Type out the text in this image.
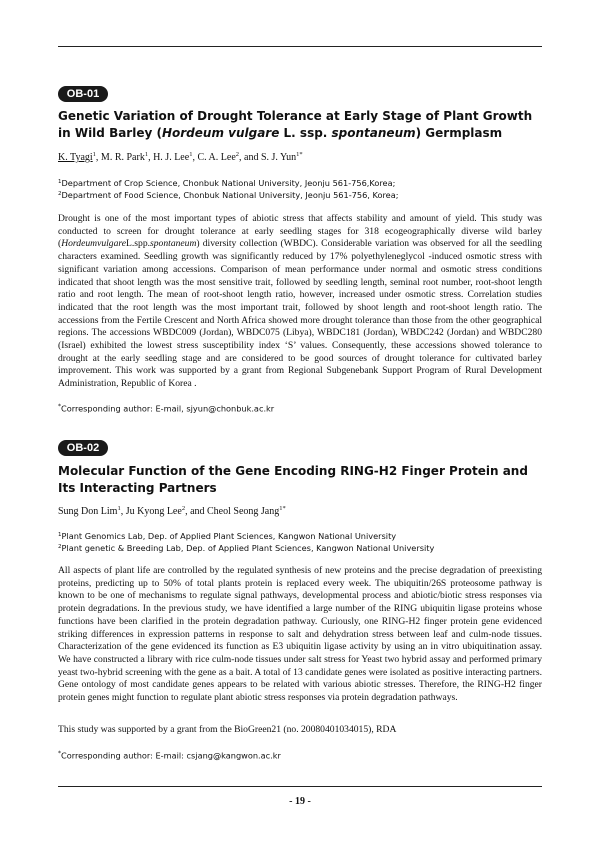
OB-01

Genetic Variation of Drought Tolerance at Early Stage of Plant Growth in Wild Barley (Hordeum vulgare L. ssp. spontaneum) Germplasm

K. Tyagi$^1$, M. R. Park$^1$, H. J. Lee$^1$, C. A. Lee$^2$, and S. J. Yun$^{1*}$
$^1$Department of Crop Science, Chonbuk National University, Jeonju 561-756,Korea;
$^2$Department of Food Science, Chonbuk National University, Jeonju 561-756, Korea;

Drought is one of the most important types of abiotic stress that affects stability and amount of yield. This study was conducted to screen for drought tolerance at early seedling stages for 318 ecogeographically diverse wild barley (HordeumvulgareL.spp.spontaneum) diversity collection (WBDC). Considerable variation was observed for all the seedling characters examined. Seedling growth was significantly reduced by 17% polyethyleneglycol -induced osmotic stress with significant variation among accessions. Comparison of mean performance under normal and osmotic stress conditions indicated that shoot length was the most sensitive trait, followed by seedling length, seminal root number, root-shoot length ratio and root length. The mean of root-shoot length ratio, however, increased under osmotic stress. Correlation studies indicated that the root length was the most important trait, followed by shoot length and root-shoot length ratio. The accessions from the Fertile Crescent and North Africa showed more drought tolerance than those from the other geographical regions. The accessions WBDC009 (Jordan), WBDC075 (Libya), WBDC181 (Jordan), WBDC242 (Jordan) and WBDC280 (Israel) exhibited the lowest stress susceptibility index ‘S’ values. Consequently, these accessions showed tolerance to drought at the early seedling stage and are considered to be good sources of drought tolerance for cultivated barley improvement. This work was supported by a grant from Regional Subgenebank Support Program of Rural Development Administration, Republic of Korea .

*Corresponding author: E-mail, sjyun@chonbuk.ac.kr
OB-02

Molecular Function of the Gene Encoding RING-H2 Finger Protein and Its Interacting Partners

Sung Don Lim$^1$, Ju Kyong Lee$^2$, and Cheol Seong Jang$^{1*}$
$^1$Plant Genomics Lab, Dep. of Applied Plant Sciences, Kangwon National University
$^2$Plant genetic & Breeding Lab, Dep. of Applied Plant Sciences, Kangwon National University

All aspects of plant life are controlled by the regulated synthesis of new proteins and the precise degradation of preexisting proteins, predicting up to 50% of total plants protein is replaced every week. The ubiquitin/26S proteosome pathway is known to be one of mechanisms to regulate signal pathways, developmental process and abiotic/biotic stress responses via protein degradations. In the previous study, we have identified a large number of the RING ubiquitin ligase proteins whose functions have been clarified in the protein degradation pathway. Curiously, one RING-H2 finger protein gene evidenced striking differences in expression patterns in response to salt and dehydration stress between leaf and culm-node tissues. Characterization of the gene evidenced its function as E3 ubiquitin ligase activity by using an in vitro ubiquitination assay. We have constructed a library with rice culm-node tissues under salt stress for Yeast two hybrid assay and performed primary yeast two-hybrid screening with the gene as a bait. A total of 13 candidate genes were isolated as positive interacting partners. Gene ontology of most candidate genes appears to be related with various abiotic stresses. Therefore, the RING-H2 finger protein genes might function to regulate plant abiotic stress responses via protein degradation pathways.

This study was supported by a grant from the BioGreen21 (no. 20080401034015), RDA

*Corresponding author: E-mail: csjang@kangwon.ac.kr
- 19 -
